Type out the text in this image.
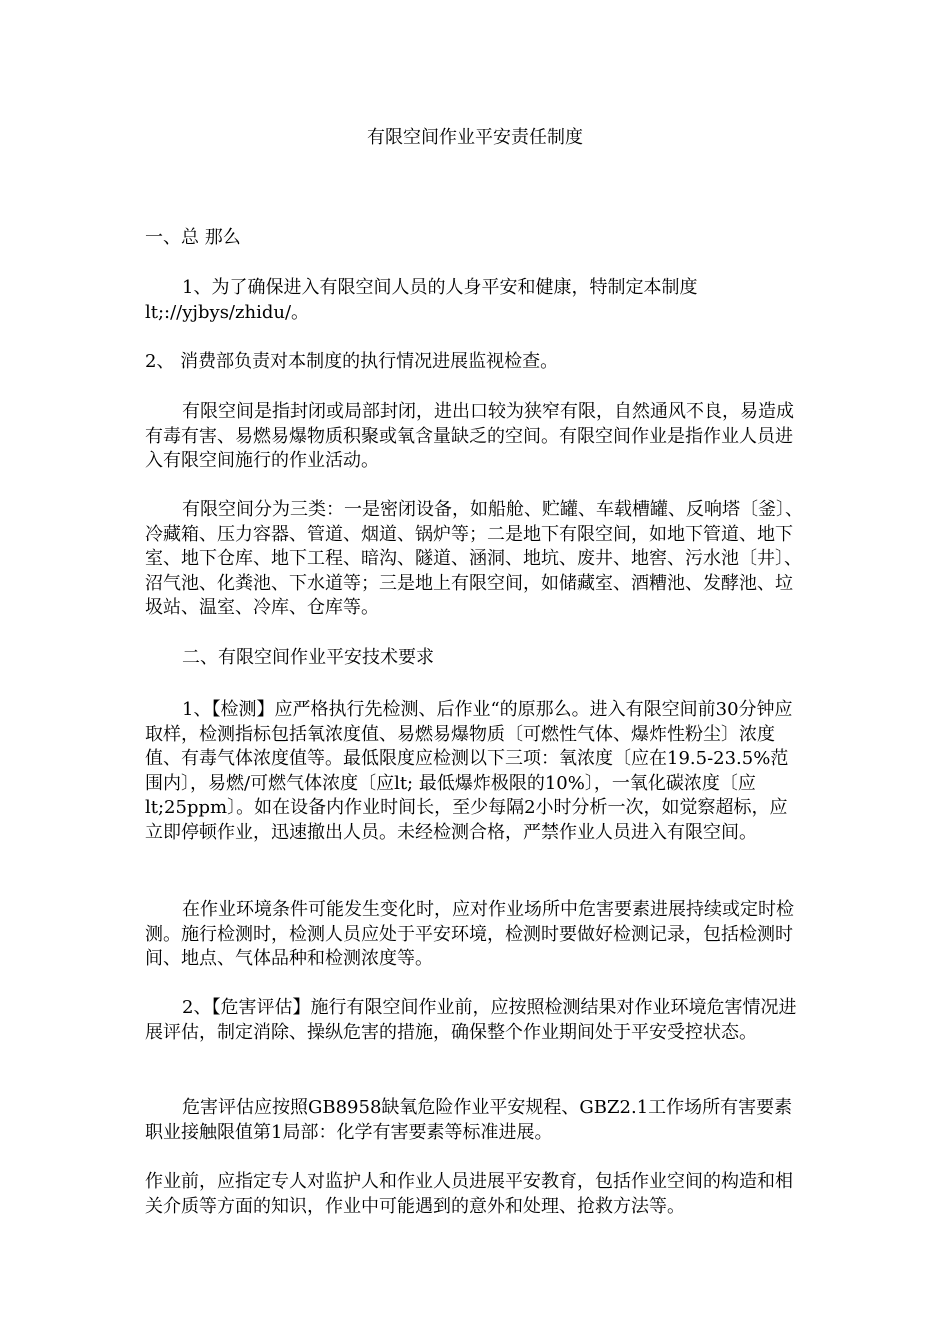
有限空间作业平安责任制度

一、总 那么

1、为了确保进入有限空间人员的人身平安和健康，特制定本制度lt;://yjbys/zhidu/。

2、 消费部负责对本制度的执行情况进展监视检查。

有限空间是指封闭或局部封闭，进出口较为狭窄有限，自然通风不良，易造成有毒有害、易燃易爆物质积聚或氧含量缺乏的空间。有限空间作业是指作业人员进入有限空间施行的作业活动。

有限空间分为三类：一是密闭设备，如船舱、贮罐、车载槽罐、反响塔〔釜〕、冷藏箱、压力容器、管道、烟道、锅炉等；二是地下有限空间，如地下管道、地下室、地下仓库、地下工程、暗沟、隧道、涵洞、地坑、废井、地窖、污水池〔井〕、沼气池、化粪池、下水道等；三是地上有限空间，如储藏室、酒糟池、发酵池、垃圾站、温室、冷库、仓库等。

二、有限空间作业平安技术要求

1、【检测】应严格执行先检测、后作业“的原那么。进入有限空间前30分钟应取样，检测指标包括氧浓度值、易燃易爆物质〔可燃性气体、爆炸性粉尘〕浓度值、有毒气体浓度值等。最低限度应检测以下三项：氧浓度〔应在19.5-23.5%范围内〕，易燃/可燃气体浓度〔应lt; 最低爆炸极限的10%〕，一氧化碳浓度〔应lt;25ppm〕。如在设备内作业时间长，至少每隔2小时分析一次，如觉察超标，应立即停顿作业，迅速撤出人员。未经检测合格，严禁作业人员进入有限空间。

在作业环境条件可能发生变化时，应对作业场所中危害要素进展持续或定时检测。施行检测时，检测人员应处于平安环境，检测时要做好检测记录，包括检测时间、地点、气体品种和检测浓度等。

2、【危害评估】施行有限空间作业前，应按照检测结果对作业环境危害情况进展评估，制定消除、操纵危害的措施，确保整个作业期间处于平安受控状态。

危害评估应按照GB8958缺氧危险作业平安规程、GBZ2.1工作场所有害要素职业接触限值第1局部：化学有害要素等标准进展。

作业前，应指定专人对监护人和作业人员进展平安教育，包括作业空间的构造和相关介质等方面的知识，作业中可能遇到的意外和处理、抢救方法等。
